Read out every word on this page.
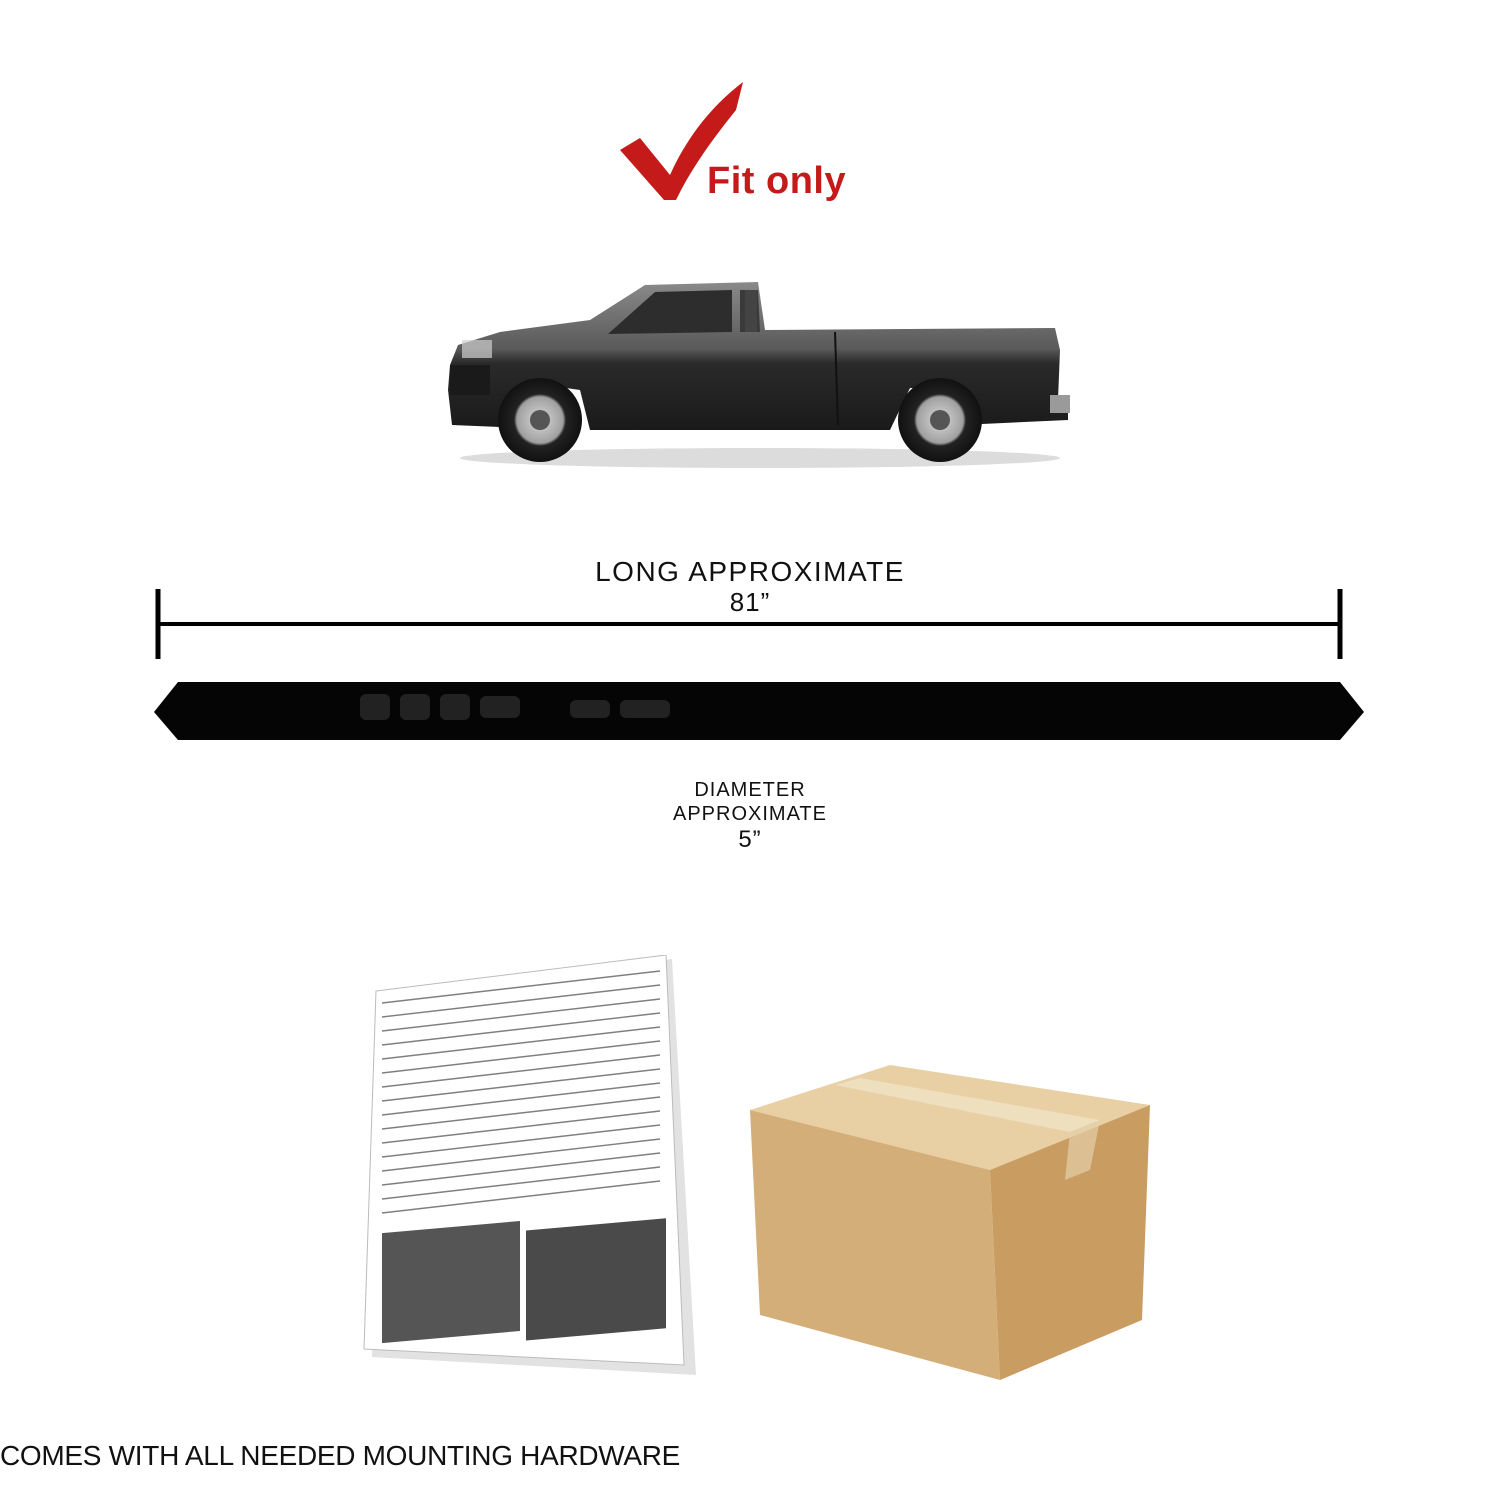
Fit only
LONG APPROXIMATE
81”
DIAMETER
APPROXIMATE
5”
COMES WITH ALL NEEDED MOUNTING HARDWARE
